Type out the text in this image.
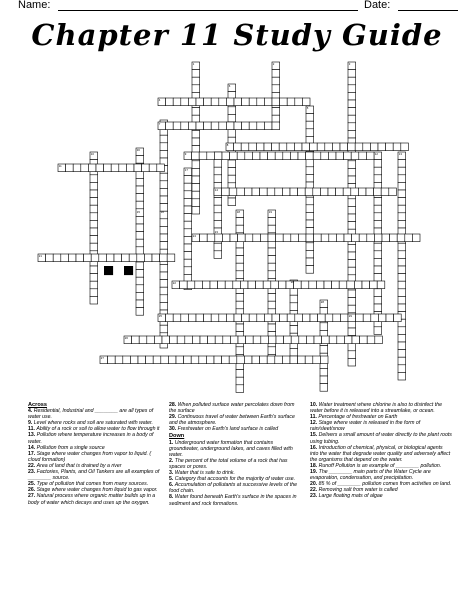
Name:	Date:
Chapter 11 Study Guide
1	2	3
4
5
6
7
8
9
10
11
12	13
14
15	16
17
18	19
20
21
22
23
24
25
26
27
28
29
30
Across
4. Residential, Industrial and ________ are all types of water use.
9. Level where rocks and soil are saturated with water.
11. Ability of a rock or soil to allow water to flow through it
13. Pollution where temperature increases in a body of water.
14. Pollution from a single source
17. Stage where water changes from vapor to liquid. ( cloud formation)
22. Area of land that is drained by a river
23. Factories, Plants, and Oil Tankers are all examples of ________ source.
25. Type of pollution that comes from many sources.
26. Stage where water changes from liquid to gas vapor.
27. Natural process where organic matter builds up in a body of water which decays and uses up the oxygen.
28. When polluted surface water percolates down from the surface
29. Continuous travel of water between Earth's surface and the atmosphere.
30. Freshwater on Earth's land surface is called
Down
1. Underground water formation that contains groundwater, underground lakes, and caves filled with water.
2. The percent of the total volume of a rock that has spaces or pores.
3. Water that is safe to drink.
5. Category that accounts for the majority of water use.
6. Accumulation of pollutants at successive levels of the food chain.
8. Water found beneath Earth's surface in the spaces in sediment and rock formations.
10. Water treatment where chlorine is also to disinfect the water before it is released into a streamlake, or ocean.
11. Percentage of freshwater on Earth
12. Stage where water is released in the form of rain/sleet/snow
15. Delivers a small amount of water directly to the plant roots using tubing.
16. Introduction of chemical, physical, or biological agents into the water that degrade water quality and adversely affect the organisms that depend on the water.
18. Runoff Pollution is an example of ________ pollution.
19. The ________ main parts of the Water Cycle are evaporation, condensation, and precipitation.
20. 85 % of ________ pollution comes from activities on land.
22. Removing salt from water is called
23. Large floating mats of algae
